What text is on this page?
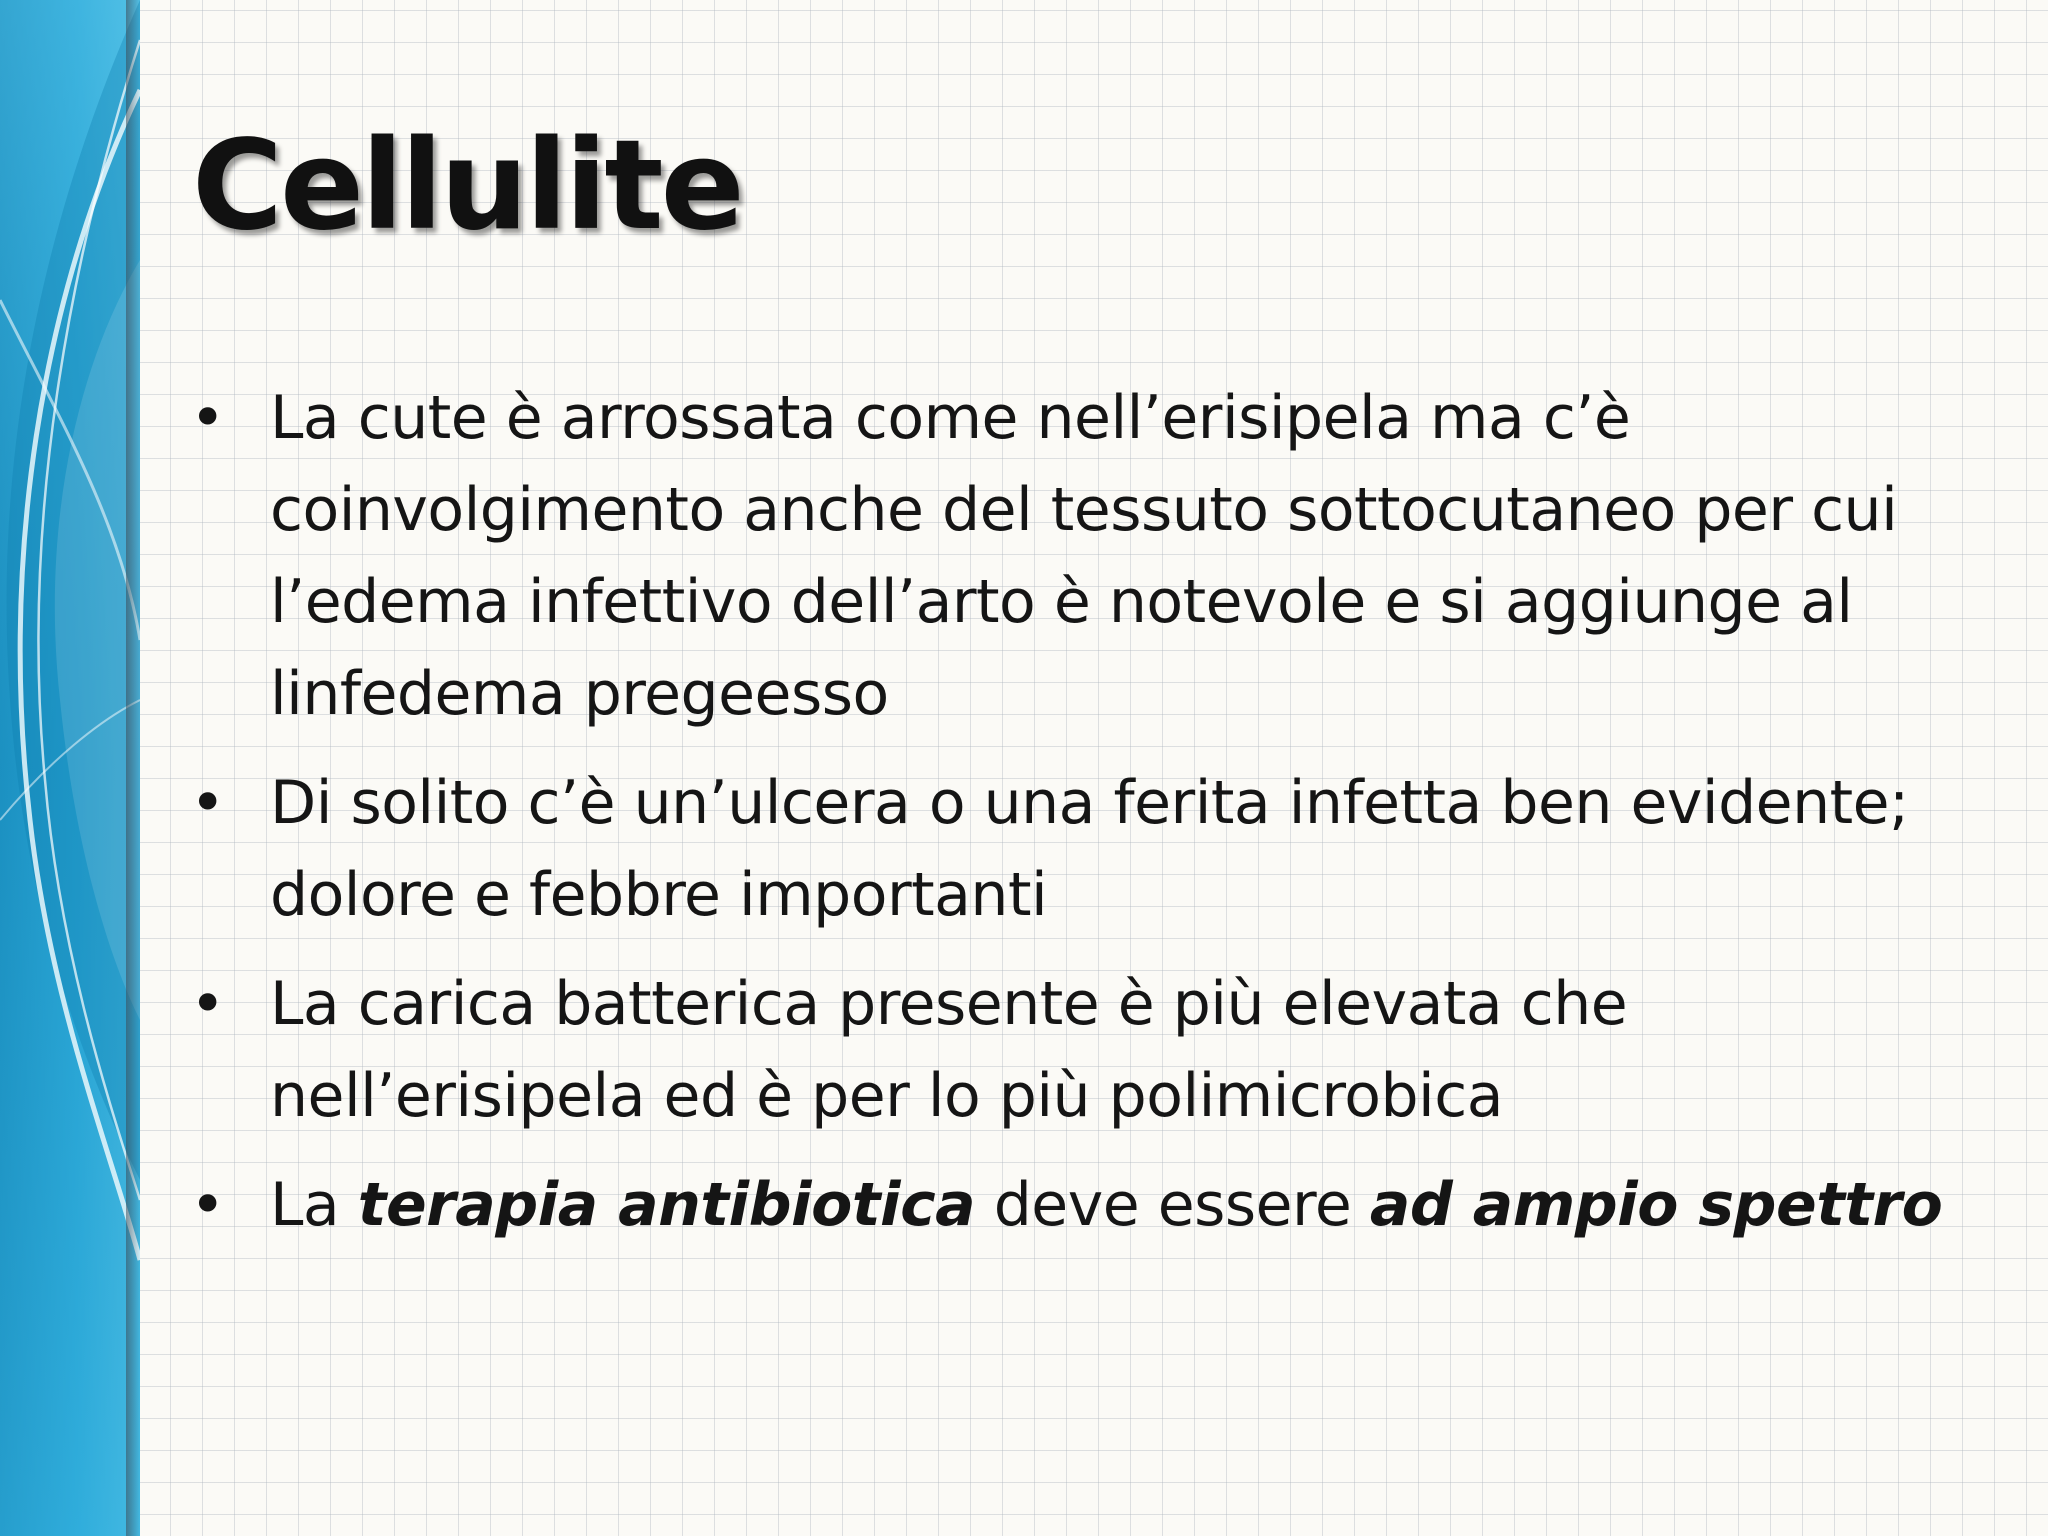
Cellulite
• La cute è arrossata come nell’erisipela ma c’è coinvolgimento anche del tessuto sottocutaneo per cui l’edema infettivo dell’arto è notevole e si aggiunge al linfedema pregeesso
• Di solito c’è un’ulcera o una ferita infetta ben evidente; dolore e febbre importanti
• La carica batterica presente è più elevata che nell’erisipela ed è per lo più polimicrobica
• La terapia antibiotica deve essere ad ampio spettro
